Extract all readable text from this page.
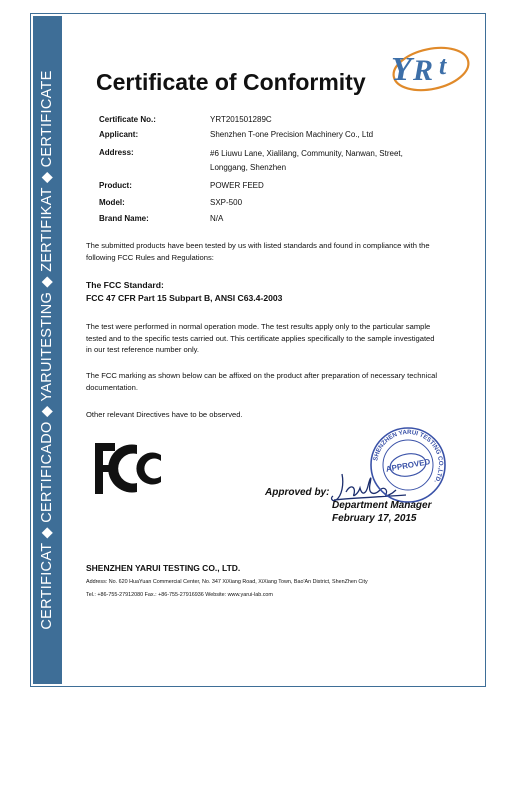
CERTIFICAT ◆ CERTIFICADO ◆ YARUITESTING ◆ ZERTIFIKAT ◆ CERTIFICATE Certificate of Conformity Y R t
Certificate No.:	YRT201501289C
Applicant:	Shenzhen T-one Precision Machinery Co., Ltd
Address:	#6 Liuwu Lane, Xialilang, Community, Nanwan, Street, Longgang, Shenzhen
Product:	POWER FEED
Model:	SXP-500
Brand Name:	N/A
The submitted products have been tested by us with listed standards and found in compliance with the following FCC Rules and Regulations:
The FCC Standard:
FCC 47 CFR Part 15 Subpart B, ANSI C63.4-2003
The test were performed in normal operation mode. The test results apply only to the particular sample tested and to the specific tests carried out. This certificate applies specifically to the sample investigated in our test reference number only.
The FCC marking as shown below can be affixed on the product after preparation of necessary technical documentation.
Other relevant Directives have to be observed.
Approved by:
APPROVED
SHENZHEN YARUI TESTING CO.,LTD.
Department Manager
February 17, 2015
SHENZHEN YARUI TESTING CO., LTD.
Address: No. 620 HuaYuan Commercial Center, No. 347 XiXiang Road, XiXiang Town, Bao'An District, ShenZhen City
Tel.: +86-755-27912080 Fax.: +86-755-27916936 Website: www.yarui-lab.com
